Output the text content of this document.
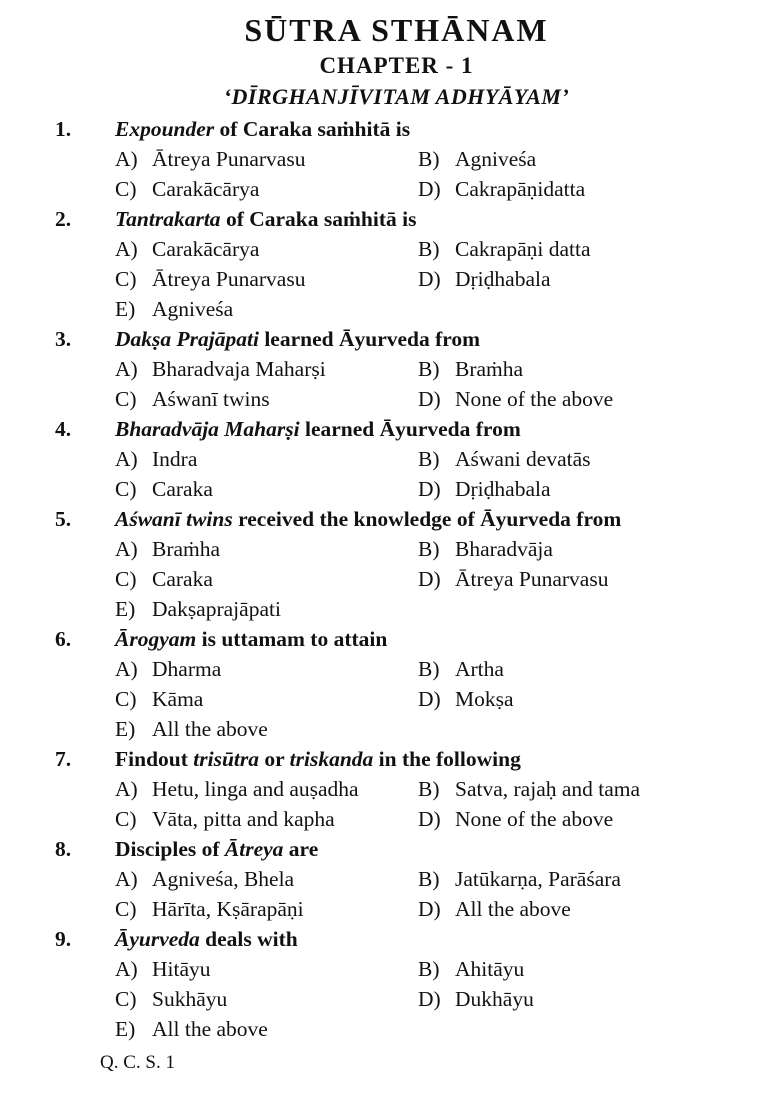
SŪTRA STHĀNAM
CHAPTER - 1
‘DĪRGHANJĪVITAM ADHYĀYAM’
1.	Expounder of Caraka saṁhitā is
A) Ātreya Punarvasu	B) Agniveśa
C) Carakācārya	D) Cakrapāṇidatta
2.	Tantrakarta of Caraka saṁhitā is
A) Carakācārya	B) Cakrapāṇi datta
C) Ātreya Punarvasu	D) Dṛiḍhabala
E) Agniveśa
3.	Dakṣa Prajāpati learned Āyurveda from
A) Bharadvaja Maharṣi	B) Braṁha
C) Aśwanī twins	D) None of the above
4.	Bharadvāja Maharṣi learned Āyurveda from
A) Indra	B) Aśwani devatās
C) Caraka	D) Dṛiḍhabala
5.	Aśwanī twins received the knowledge of Āyurveda from
A) Braṁha	B) Bharadvāja
C) Caraka	D) Ātreya Punarvasu
E) Dakṣaprajāpati
6.	Ārogyam is uttamam to attain
A) Dharma	B) Artha
C) Kāma	D) Mokṣa
E) All the above
7.	Findout trisūtra or triskanda in the following
A) Hetu, linga and auṣadha	B) Satva, rajaḥ and tama
C) Vāta, pitta and kapha	D) None of the above
8.	Disciples of Ātreya are
A) Agniveśa, Bhela	B) Jatūkarṇa, Parāśara
C) Hārīta, Kṣārapāṇi	D) All the above
9.	Āyurveda deals with
A) Hitāyu	B) Ahitāyu
C) Sukhāyu	D) Dukhāyu
E) All the above
Q. C. S. 1
